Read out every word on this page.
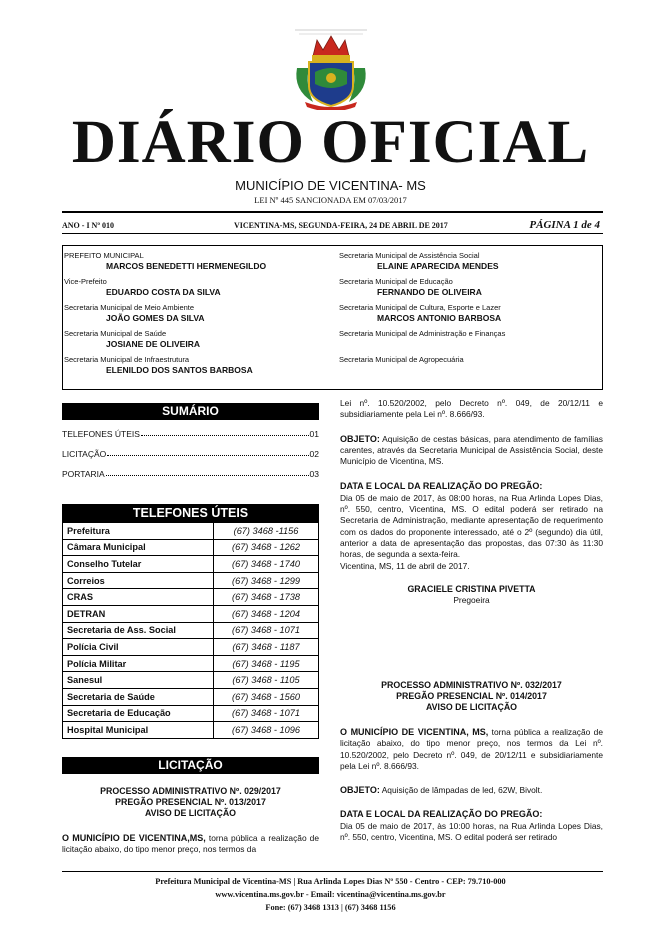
DIÁRIO OFICIAL
MUNICÍPIO DE VICENTINA- MS
LEI Nº 445 SANCIONADA EM 07/03/2017
ANO - I Nº 010	VICENTINA-MS, SEGUNDA-FEIRA, 24 DE ABRIL DE 2017	PÁGINA 1 de 4
PREFEITO MUNICIPAL
MARCOS BENEDETTI HERMENEGILDO
Vice-Prefeito
EDUARDO COSTA DA SILVA
Secretaria Municipal de Meio Ambiente
JOÃO GOMES DA SILVA
Secretaria Municipal de Saúde
JOSIANE DE OLIVEIRA
Secretaria Municipal de Infraestrutura
ELENILDO DOS SANTOS BARBOSA
Secretaria Municipal de Assistência Social
ELAINE APARECIDA MENDES
Secretaria Municipal de Educação
FERNANDO DE OLIVEIRA
Secretaria Municipal de Cultura, Esporte e Lazer
MARCOS ANTONIO BARBOSA
Secretaria Municipal de Administração e Finanças
Secretaria Municipal de Agropecuária
SUMÁRIO
TELEFONES ÚTEIS	01
LICITAÇÃO	02
PORTARIA	03
TELEFONES ÚTEIS
Prefeitura	(67) 3468 -1156
Câmara Municipal	(67) 3468 - 1262
Conselho Tutelar	(67) 3468 - 1740
Correios	(67) 3468 - 1299
CRAS	(67) 3468 - 1738
DETRAN	(67) 3468 - 1204
Secretaria de Ass. Social	(67) 3468 - 1071
Polícia Civil	(67) 3468 - 1187
Polícia Militar	(67) 3468 - 1195
Sanesul	(67) 3468 - 1105
Secretaria de Saúde	(67) 3468 - 1560
Secretaria de Educação	(67) 3468 - 1071
Hospital Municipal	(67) 3468 - 1096
LICITAÇÃO
PROCESSO ADMINISTRATIVO Nº. 029/2017
PREGÃO PRESENCIAL Nº. 013/2017
AVISO DE LICITAÇÃO

O MUNICÍPIO DE VICENTINA,MS, torna pública a realização de licitação abaixo, do tipo menor preço, nos termos da

Lei nº. 10.520/2002, pelo Decreto nº. 049, de 20/12/11 e subsidiariamente pela Lei nº. 8.666/93.

OBJETO: Aquisição de cestas básicas, para atendimento de famílias carentes, através da Secretaria Municipal de Assistência Social, deste Município de Vicentina, MS.

DATA E LOCAL DA REALIZAÇÃO DO PREGÃO:

Dia 05 de maio de 2017, às 08:00 horas, na Rua Arlinda Lopes Dias, nº. 550, centro, Vicentina, MS. O edital poderá ser retirado na Secretaria de Administração, mediante apresentação de requerimento com os dados do proponente interessado, até o 2º (segundo) dia útil, anterior a data de apresentação das propostas, das 07:30 às 11:30 horas, de segunda a sexta-feira.

Vicentina, MS, 11 de abril de 2017.

GRACIELE CRISTINA PIVETTA
Pregoeira
PROCESSO ADMINISTRATIVO Nº. 032/2017
PREGÃO PRESENCIAL Nº. 014/2017
AVISO DE LICITAÇÃO

O MUNICÍPIO DE VICENTINA, MS, torna pública a realização de licitação abaixo, do tipo menor preço, nos termos da Lei nº. 10.520/2002, pelo Decreto nº. 049, de 20/12/11 e subsidiariamente pela Lei nº. 8.666/93.

OBJETO: Aquisição de lâmpadas de led, 62W, Bivolt.

DATA E LOCAL DA REALIZAÇÃO DO PREGÃO:

Dia 05 de maio de 2017, às 10:00 horas, na Rua Arlinda Lopes Dias, nº. 550, centro, Vicentina, MS. O edital poderá ser retirado

Prefeitura Municipal de Vicentina-MS | Rua Arlinda Lopes Dias Nº 550 - Centro - CEP: 79.710-000
www.vicentina.ms.gov.br - Email: vicentina@vicentina.ms.gov.br
Fone: (67) 3468 1313 | (67) 3468 1156
